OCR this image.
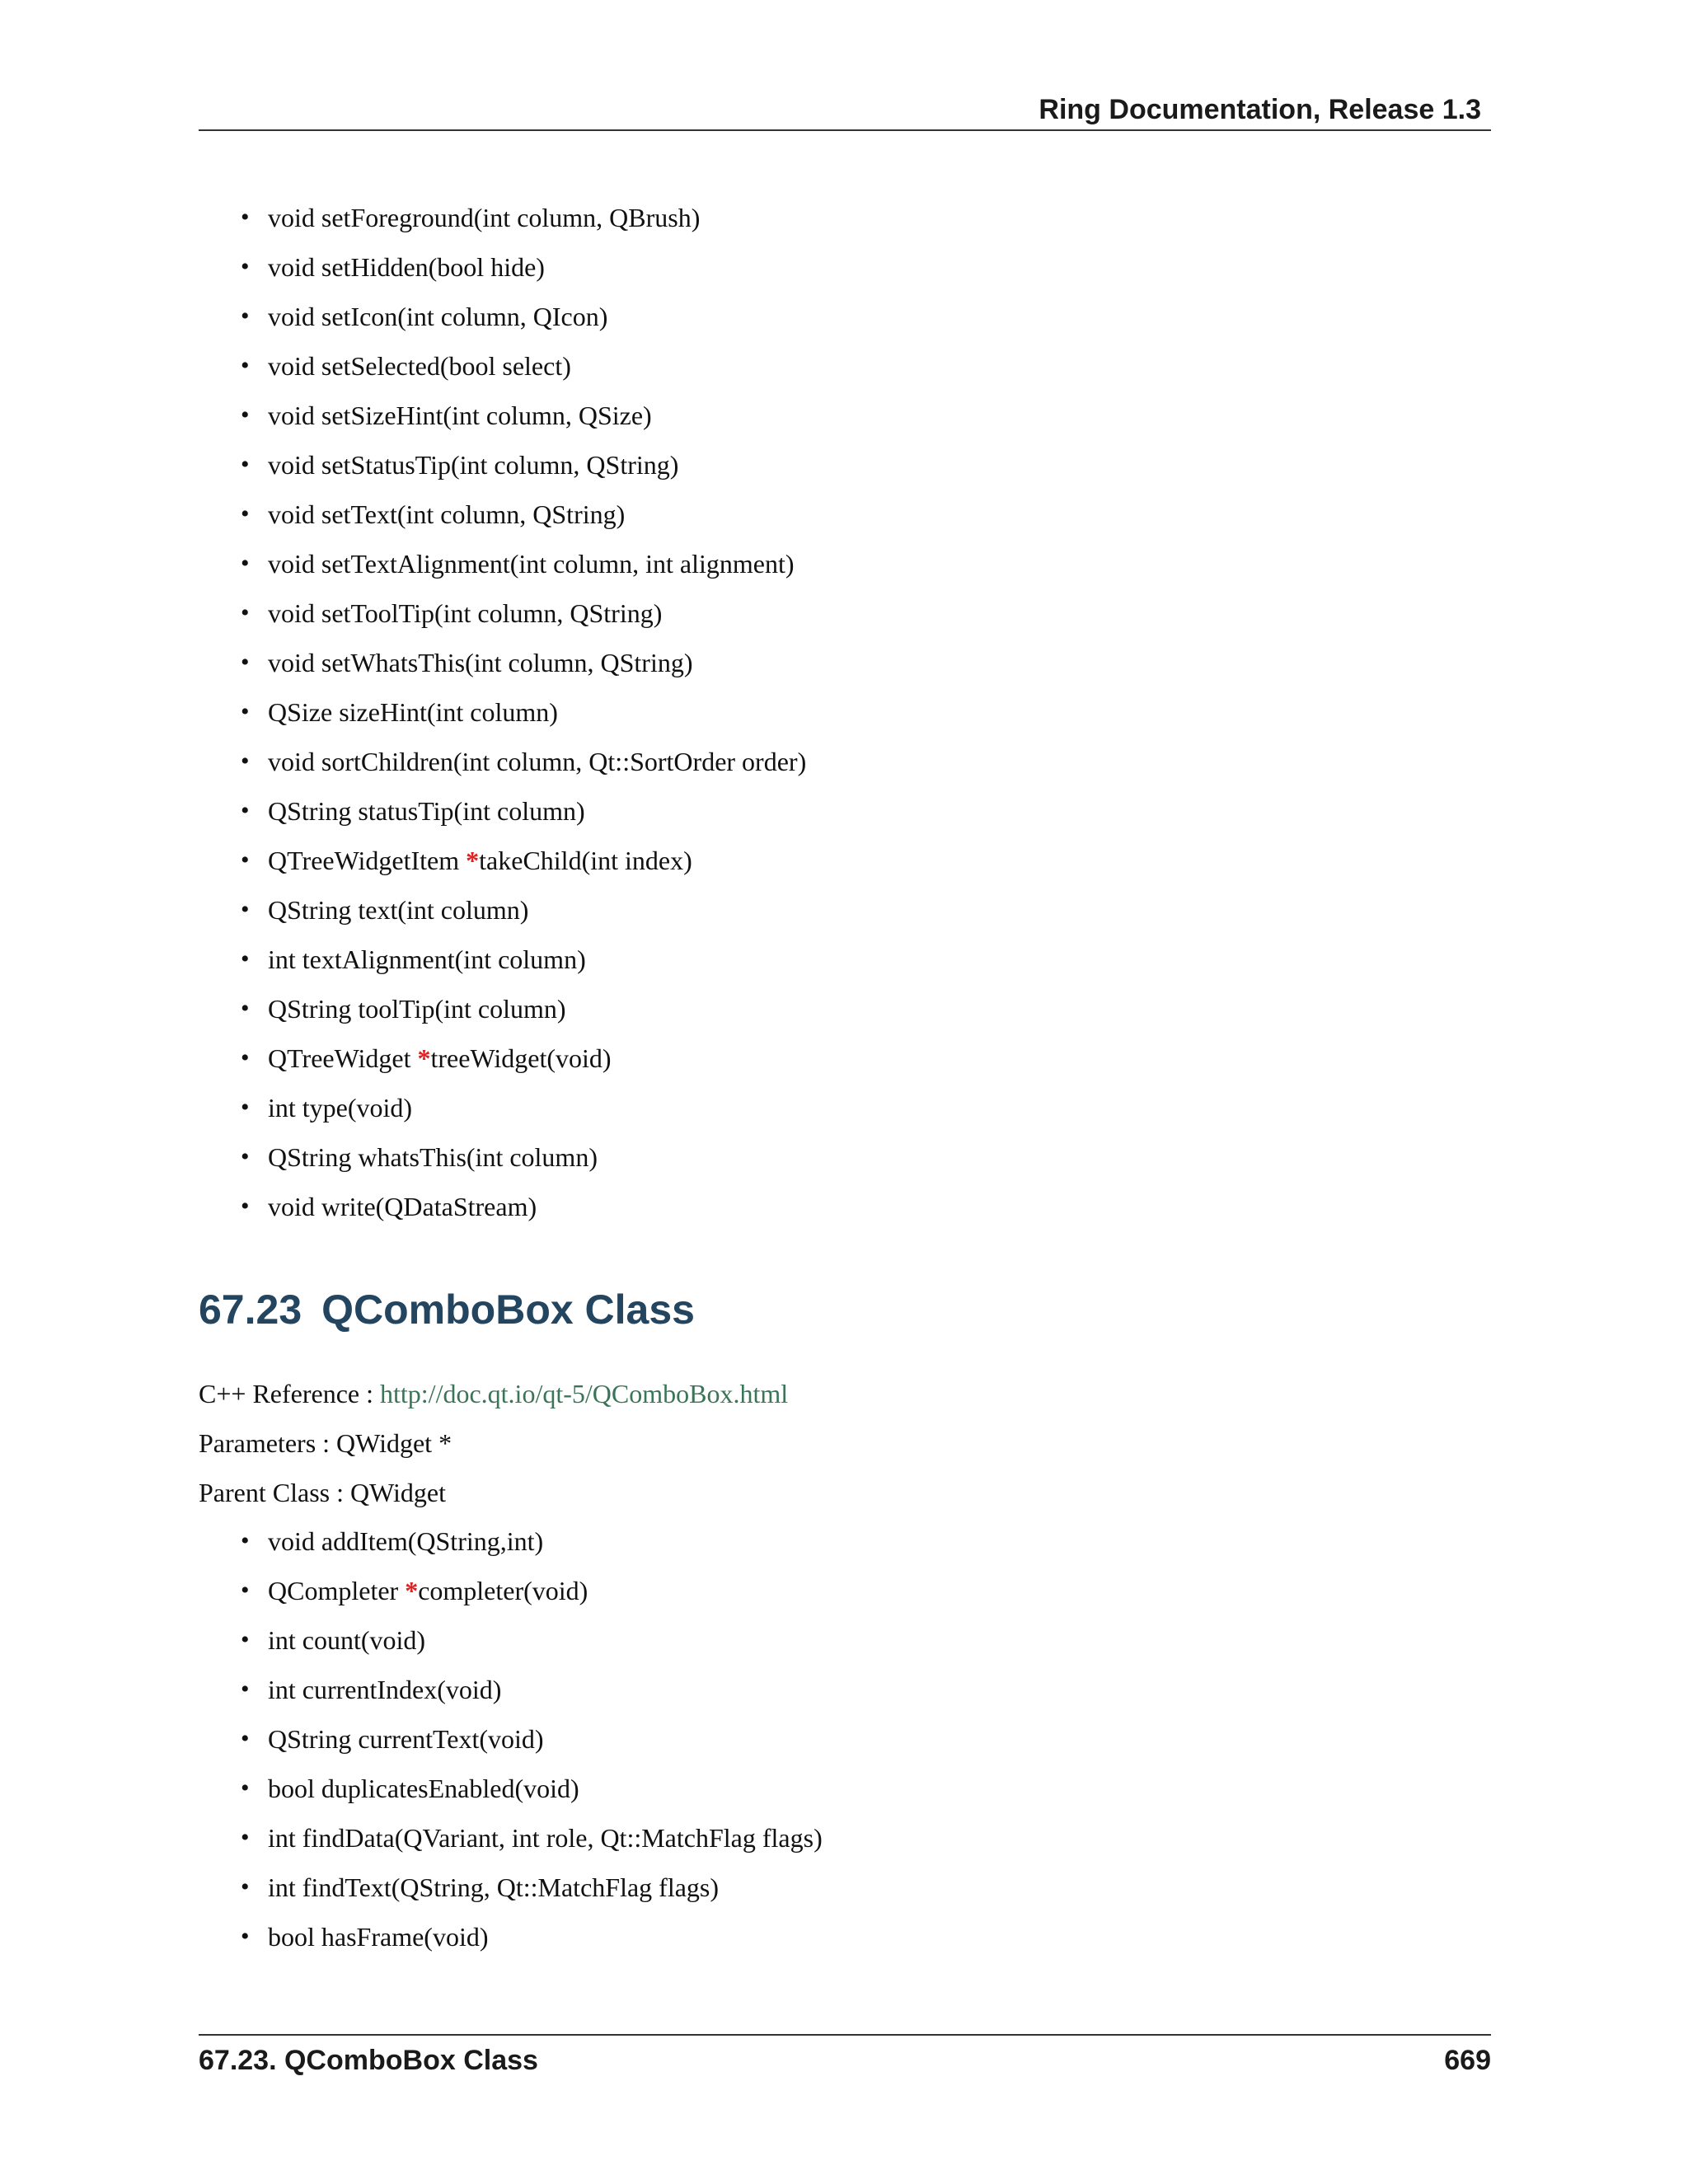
Ring Documentation, Release 1.3
• void setForeground(int column, QBrush)
• void setHidden(bool hide)
• void setIcon(int column, QIcon)
• void setSelected(bool select)
• void setSizeHint(int column, QSize)
• void setStatusTip(int column, QString)
• void setText(int column, QString)
• void setTextAlignment(int column, int alignment)
• void setToolTip(int column, QString)
• void setWhatsThis(int column, QString)
• QSize sizeHint(int column)
• void sortChildren(int column, Qt::SortOrder order)
• QString statusTip(int column)
• QTreeWidgetItem *takeChild(int index)
• QString text(int column)
• int textAlignment(int column)
• QString toolTip(int column)
• QTreeWidget *treeWidget(void)
• int type(void)
• QString whatsThis(int column)
• void write(QDataStream)
67.23 QComboBox Class
C++ Reference : http://doc.qt.io/qt-5/QComboBox.html
Parameters : QWidget *
Parent Class : QWidget
• void addItem(QString,int)
• QCompleter *completer(void)
• int count(void)
• int currentIndex(void)
• QString currentText(void)
• bool duplicatesEnabled(void)
• int findData(QVariant, int role, Qt::MatchFlag flags)
• int findText(QString, Qt::MatchFlag flags)
• bool hasFrame(void)
67.23. QComboBox Class	669
